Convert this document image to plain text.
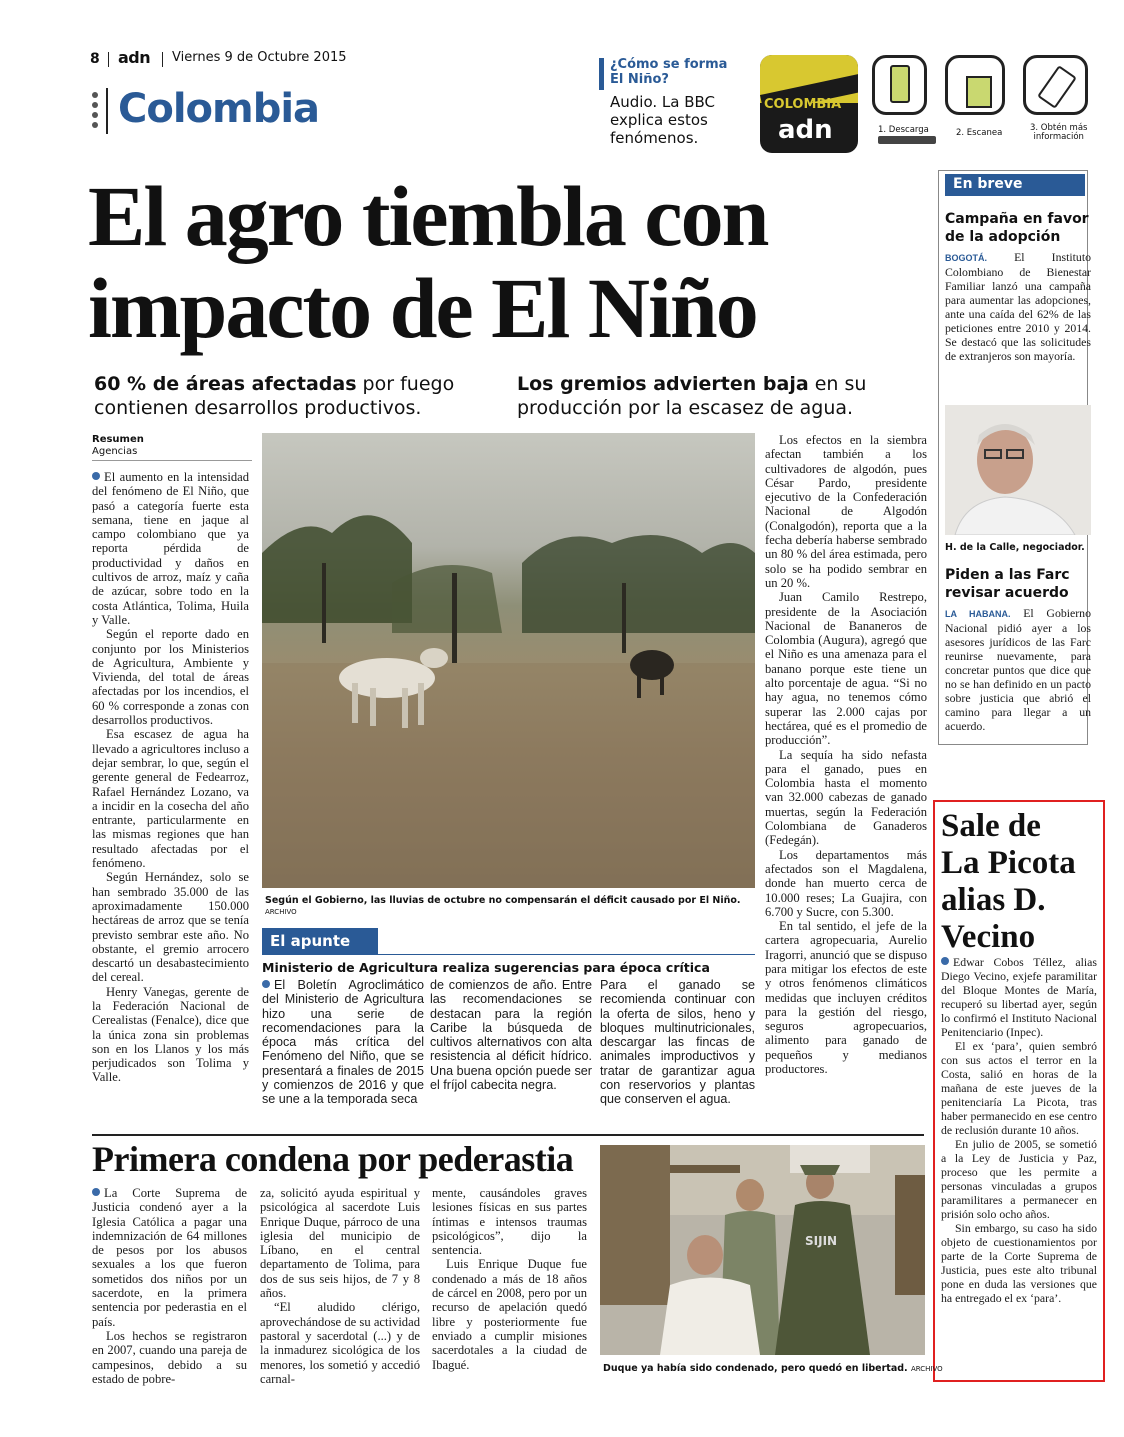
8 adn Viernes 9 de Octubre 2015
Colombia
¿Cómo se forma
El Niño?
Audio. La BBC
explica estos
fenómenos.
COLOMBIA
adn	1. Descarga	2. Escanea	3. Obtén más
información
El agro tiembla con
impacto de El Niño
60 % de áreas afectadas por fuego
contienen desarrollos productivos.
Los gremios advierten baja en su
producción por la escasez de agua.
Resumen
Agencias

El aumento en la intensidad del fenómeno de El Niño, que pasó a categoría fuerte esta semana, tiene en jaque al campo colombiano que ya reporta pérdida de productividad y daños en cultivos de arroz, maíz y caña de azúcar, sobre todo en la costa Atlántica, Tolima, Huila y Valle.

Según el reporte dado en conjunto por los Ministerios de Agricultura, Ambiente y Vivienda, del total de áreas afectadas por los incendios, el 60 % corresponde a zonas con desarrollos productivos.

Esa escasez de agua ha llevado a agricultores incluso a dejar sembrar, lo que, según el gerente general de Fedearroz, Rafael Hernández Lozano, va a incidir en la cosecha del año entrante, particularmente en las mismas regiones que han resultado afectadas por el fenómeno.

Según Hernández, solo se han sembrado 35.000 de las aproximadamente 150.000 hectáreas de arroz que se tenía previsto sembrar este año. No obstante, el gremio arrocero descartó un desabastecimiento del cereal.

Henry Vanegas, gerente de la Federación Nacional de Cerealistas (Fenalce), dice que la única zona sin problemas son en los Llanos y los más perjudicados son Tolima y Valle.

Según el Gobierno, las lluvias de octubre no compensarán el déficit causado por El Niño. ARCHIVO

Los efectos en la siembra afectan también a los cultivadores de algodón, pues César Pardo, presidente ejecutivo de la Confederación Nacional de Algodón (Conalgodón), reporta que a la fecha debería haberse sembrado un 80 % del área estimada, pero solo se ha podido sembrar en un 20 %.

Juan Camilo Restrepo, presidente de la Asociación Nacional de Bananeros de Colombia (Augura), agregó que el Niño es una amenaza para el banano porque este tiene un alto porcentaje de agua. “Si no hay agua, no tenemos cómo superar las 2.000 cajas por hectárea, qué es el promedio de producción”.

La sequía ha sido nefasta para el ganado, pues en Colombia hasta el momento van 32.000 cabezas de ganado muertas, según la Federación Colombiana de Ganaderos (Fedegán).

Los departamentos más afectados son el Magdalena, donde han muerto cerca de 10.000 reses; La Guajira, con 6.700 y Sucre, con 5.300.

En tal sentido, el jefe de la cartera agropecuaria, Aurelio Iragorri, anunció que se dispuso para mitigar los efectos de este y otros fenómenos climáticos medidas que incluyen créditos para la gestión del riesgo, seguros agropecuarios, alimento para ganado de pequeños y medianos productores.

El apunte
Ministerio de Agricultura realiza sugerencias para época crítica

El Boletín Agroclimático del Ministerio de Agricultura hizo una serie de recomendaciones para la época más crítica del Fenómeno del Niño, que se presentará a finales de 2015 y comienzos de 2016 y que se une a la temporada seca

de comienzos de año. Entre las recomendaciones se destacan para la región Caribe la búsqueda de cultivos alternativos con alta resistencia al déficit hídrico. Una buena opción puede ser el fríjol cabecita negra.

Para el ganado se recomienda continuar con la oferta de silos, heno y bloques multinutricionales, descargar las fincas de animales improductivos y tratar de garantizar agua con reservorios y plantas que conserven el agua.

En breve
Campaña en favor
de la adopción

BOGOTÁ. El Instituto Colombiano de Bienestar Familiar lanzó una campaña para aumentar las adopciones, ante una caída del 62% de las peticiones entre 2010 y 2014. Se destacó que las solicitudes de extranjeros son mayoría.

H. de la Calle, negociador.
Piden a las Farc
revisar acuerdo

LA HABANA. El Gobierno Nacional pidió ayer a los asesores jurídicos de las Farc reunirse nuevamente, para concretar puntos que dice que no se han definido en un pacto sobre justicia que abrió el camino para llegar a un acuerdo.

Sale de
La Picota
alias D.
Vecino

Edwar Cobos Téllez, alias Diego Vecino, exjefe paramilitar del Bloque Montes de María, recuperó su libertad ayer, según lo confirmó el Instituto Nacional Penitenciario (Inpec).

El ex ‘para’, quien sembró con sus actos el terror en la Costa, salió en horas de la mañana de este jueves de la penitenciaría La Picota, tras haber permanecido en ese centro de reclusión durante 10 años.

En julio de 2005, se sometió a la Ley de Justicia y Paz, proceso que les permite a personas vinculadas a grupos paramilitares a permanecer en prisión solo ocho años.

Sin embargo, su caso ha sido objeto de cuestionamientos por parte de la Corte Suprema de Justicia, pues este alto tribunal pone en duda las versiones que ha entregado el ex ‘para’.

Primera condena por pederastia

La Corte Suprema de Justicia condenó ayer a la Iglesia Católica a pagar una indemnización de 64 millones de pesos por los abusos sexuales a los que fueron sometidos dos niños por un sacerdote, en la primera sentencia por pederastia en el país.

Los hechos se registraron en 2007, cuando una pareja de campesinos, debido a su estado de pobre-

za, solicitó ayuda espiritual y psicológica al sacerdote Luis Enrique Duque, párroco de una iglesia del municipio de Líbano, en el central departamento de Tolima, para dos de sus seis hijos, de 7 y 8 años.

“El aludido clérigo, aprovechándose de su actividad pastoral y sacerdotal (...) y de la inmadurez sicológica de los menores, los sometió y accedió carnal-

mente, causándoles graves lesiones físicas en sus partes íntimas e intensos traumas psicológicos”, dijo la sentencia.

Luis Enrique Duque fue condenado a más de 18 años de cárcel en 2008, pero por un recurso de apelación quedó libre y posteriormente fue enviado a cumplir misiones sacerdotales a la ciudad de Ibagué.

SIJIN
Duque ya había sido condenado, pero quedó en libertad. ARCHIVO
